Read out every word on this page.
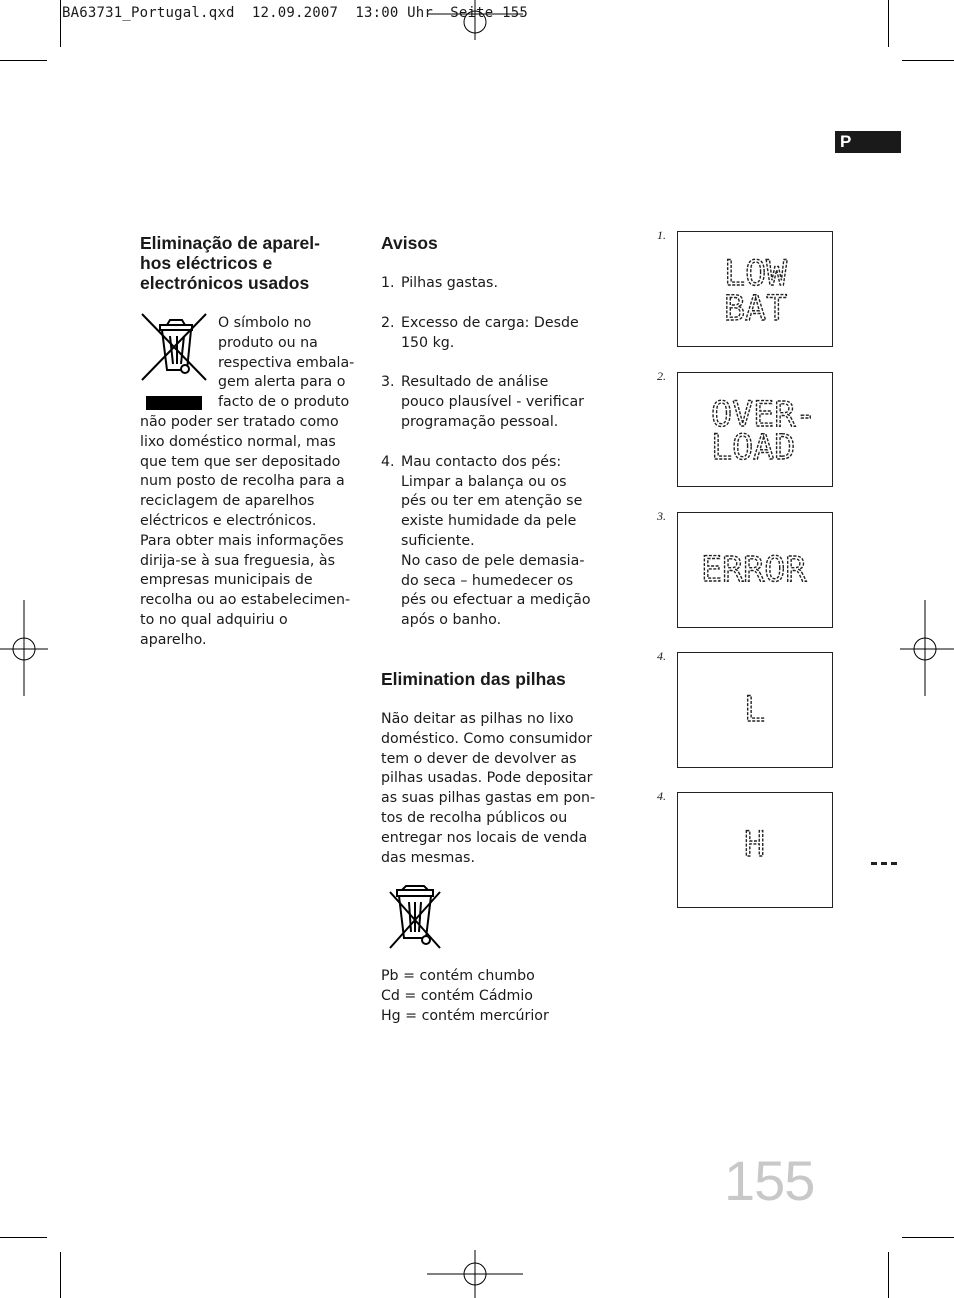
BA63731_Portugal.qxd  12.09.2007  13:00 Uhr  Seite 155
P
Eliminação de aparel-
hos eléctricos e
electrónicos usados
O símbolo no
produto ou na
respectiva embala-
gem alerta para o
facto de o produto
não poder ser tratado como
lixo doméstico normal, mas
que tem que ser depositado
num posto de recolha para a
reciclagem de aparelhos
eléctricos e electrónicos.
Para obter mais informações
dirija-se à sua freguesia, às
empresas municipais de
recolha ou ao estabelecimen-
to no qual adquiriu o
aparelho.
Avisos
1. Pilhas gastas.
2. Excesso de carga: Desde
150 kg.
3. Resultado de análise
pouco plausível - verificar
programação pessoal.
4. Mau contacto dos pés:
Limpar a balança ou os
pés ou ter em atenção se
existe humidade da pele
suficiente.
No caso de pele demasia-
do seca – humedecer os
pés ou efectuar a medição
após o banho.
Elimination das pilhas
Não deitar as pilhas no lixo
doméstico. Como consumidor
tem o dever de devolver as
pilhas usadas. Pode depositar
as suas pilhas gastas em pon-
tos de recolha públicos ou
entregar nos locais de venda
das mesmas.
Pb = contém chumbo
Cd = contém Cádmio
Hg = contém mercúrior
1.
LOW
BAT
2.
OVER-
LOAD
3.
ERROR
4.
L
4.
H
155
